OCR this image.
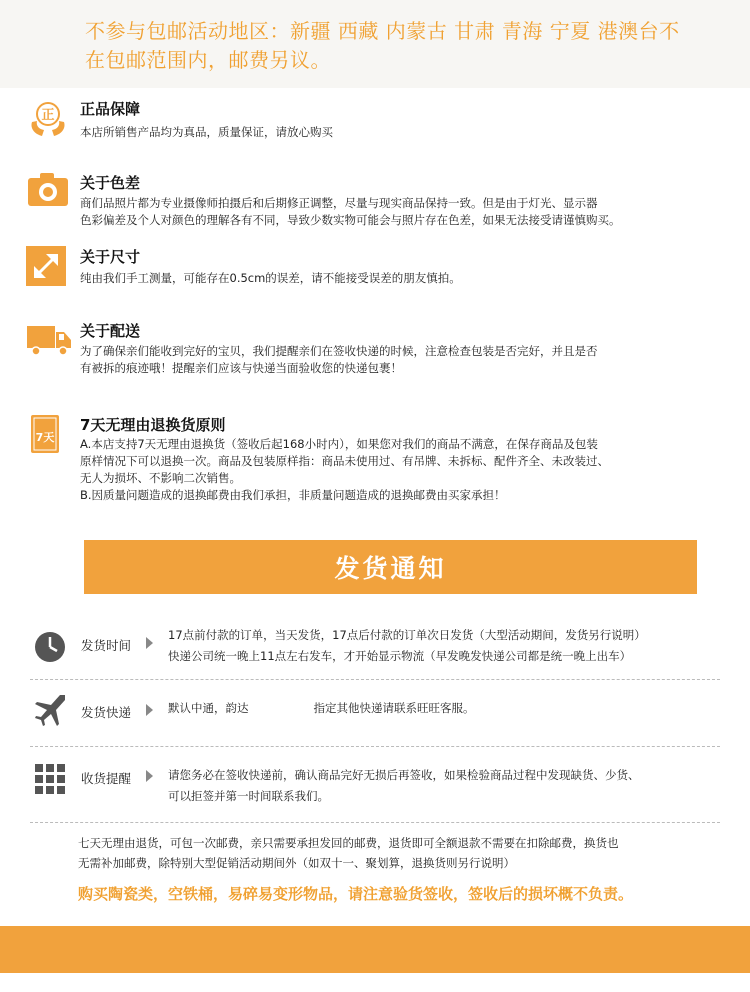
不参与包邮活动地区：新疆 西藏 内蒙古 甘肃 青海 宁夏 港澳台不在包邮范围内，邮费另议。
正 正品保障

本店所销售产品均为真品，质量保证，请放心购买

关于色差

商们品照片都为专业摄像师拍摄后和后期修正调整，尽量与现实商品保持一致。但是由于灯光、显示器

色彩偏差及个人对颜色的理解各有不同，导致少数实物可能会与照片存在色差，如果无法接受请谨慎购买。

关于尺寸

纯由我们手工测量，可能存在0.5cm的误差，请不能接受误差的朋友慎拍。

关于配送

为了确保亲们能收到完好的宝贝，我们提醒亲们在签收快递的时候，注意检查包装是否完好，并且是否

有被拆的痕迹哦！提醒亲们应该与快递当面验收您的快递包裹！

7天
7天无理由退换货原则

A.本店支持7天无理由退换货（签收后起168小时内），如果您对我们的商品不满意，在保存商品及包装

原样情况下可以退换一次。商品及包装原样指：商品未使用过、有吊牌、未拆标、配件齐全、未改装过、

无人为损坏、不影响二次销售。

B.因质量问题造成的退换邮费由我们承担，非质量问题造成的退换邮费由买家承担！

发货通知
发货时间

17点前付款的订单，当天发货，17点后付款的订单次日发货（大型活动期间，发货另行说明）

快递公司统一晚上11点左右发车，才开始显示物流（早发晚发快递公司都是统一晚上出车）

发货快递	默认中通，韵达	指定其他快递请联系旺旺客服。

收货提醒	请您务必在签收快递前，确认商品完好无损后再签收，如果检验商品过程中发现缺货、少货、

可以拒签并第一时间联系我们。

七天无理由退货，可包一次邮费，亲只需要承担发回的邮费，退货即可全额退款不需要在扣除邮费，换货也

无需补加邮费，除特别大型促销活动期间外（如双十一、聚划算，退换货则另行说明）

购买陶瓷类，空铁桶，易碎易变形物品，请注意验货签收，签收后的损坏概不负责。
